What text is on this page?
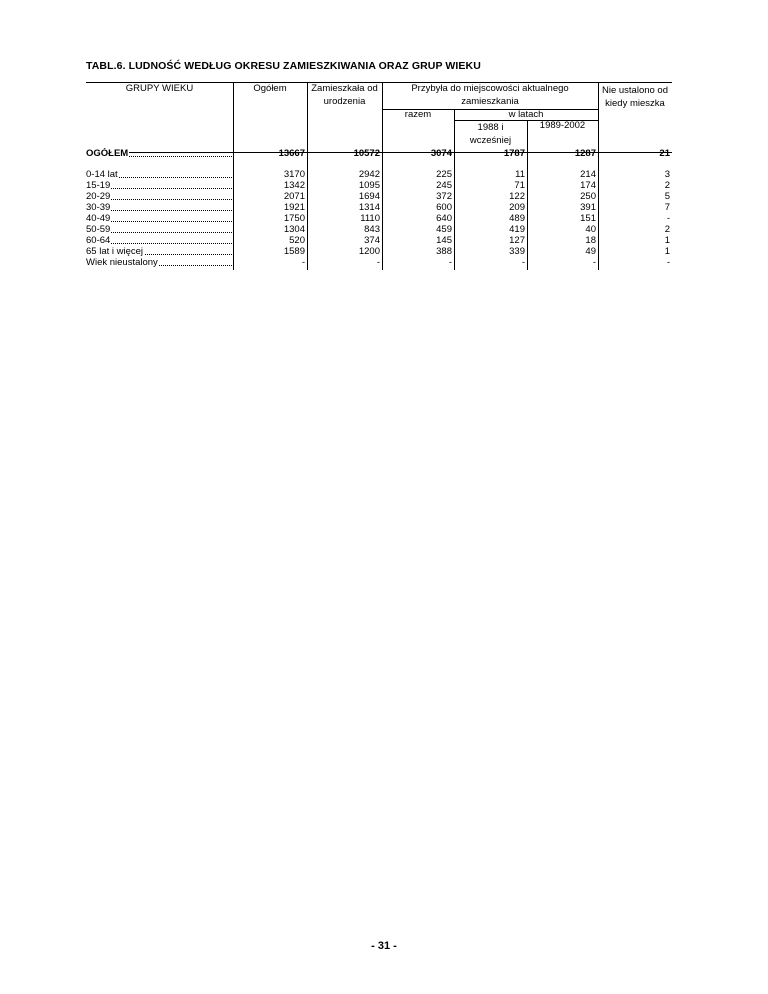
TABL.6. LUDNOŚĆ WEDŁUG OKRESU ZAMIESZKIWANIA ORAZ GRUP WIEKU
GRUPY WIEKU	Ogółem	Zamieszkała od
urodzenia
Przybyła do miejscowości aktualnego
zamieszkania
razem	w latach
1988 i
wcześniej
1989-2002
Nie ustalono od
kiedy mieszka
OGÓŁEM	13667	10572	3074	1787	1287	21
0-14 lat	3170	2942	225	11	214	3
15-19	1342	1095	245	71	174	2
20-29	2071	1694	372	122	250	5
30-39	1921	1314	600	209	391	7
40-49	1750	1110	640	489	151	-
50-59	1304	843	459	419	40	2
60-64	520	374	145	127	18	1
65 lat i więcej	1589	1200	388	339	49	1
Wiek nieustalony	-	-	-	-	-	-
- 31 -
